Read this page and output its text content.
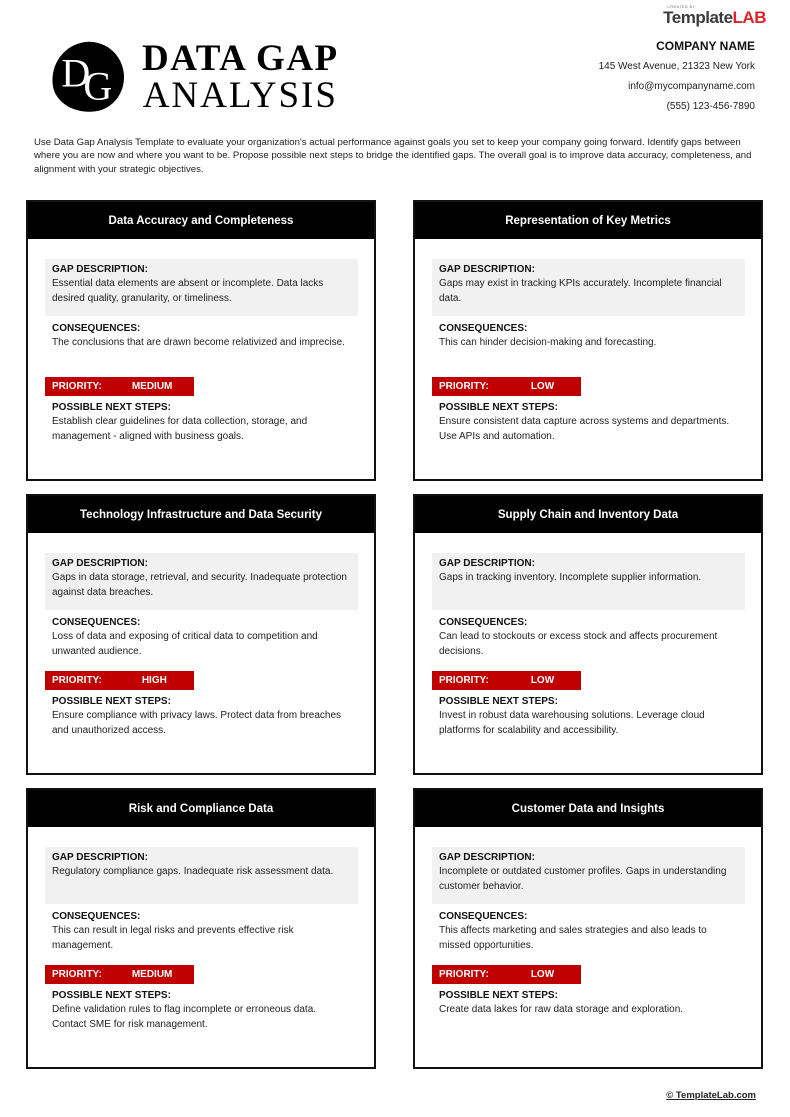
D
G
DATA GAP
ANALYSIS
CREATED BY
TemplateLAB
COMPANY NAME
145 West Avenue, 21323 New York
info@mycompanyname.com
(555) 123-456-7890
Use Data Gap Analysis Template to evaluate your organization's actual performance against goals you set to keep your company going forward. Identify gaps between where you are now and where you want to be. Propose possible next steps to bridge the identified gaps. The overall goal is to improve data accuracy, completeness, and alignment with your strategic objectives.
Data Accuracy and Completeness
GAP DESCRIPTION:
Essential data elements are absent or incomplete. Data lacks desired quality, granularity, or timeliness.
CONSEQUENCES:
The conclusions that are drawn become relativized and imprecise.
PRIORITY:	MEDIUM
POSSIBLE NEXT STEPS:
Establish clear guidelines for data collection, storage, and management - aligned with business goals.
Representation of Key Metrics
GAP DESCRIPTION:
Gaps may exist in tracking KPIs accurately. Incomplete financial data.
CONSEQUENCES:
This can hinder decision-making and forecasting.
PRIORITY:	LOW
POSSIBLE NEXT STEPS:
Ensure consistent data capture across systems and departments. Use APIs and automation.
Technology Infrastructure and Data Security
GAP DESCRIPTION:
Gaps in data storage, retrieval, and security. Inadequate protection against data breaches.
CONSEQUENCES:
Loss of data and exposing of critical data to competition and unwanted audience.
PRIORITY:	HIGH
POSSIBLE NEXT STEPS:
Ensure compliance with privacy laws. Protect data from breaches and unauthorized access.
Supply Chain and Inventory Data
GAP DESCRIPTION:
Gaps in tracking inventory. Incomplete supplier information.
CONSEQUENCES:
Can lead to stockouts or excess stock and affects procurement decisions.
PRIORITY:	LOW
POSSIBLE NEXT STEPS:
Invest in robust data warehousing solutions. Leverage cloud platforms for scalability and accessibility.
Risk and Compliance Data
GAP DESCRIPTION:
Regulatory compliance gaps. Inadequate risk assessment data.
CONSEQUENCES:
This can result in legal risks and prevents effective risk management.
PRIORITY:	MEDIUM
POSSIBLE NEXT STEPS:
Define validation rules to flag incomplete or erroneous data. Contact SME for risk management.
Customer Data and Insights
GAP DESCRIPTION:
Incomplete or outdated customer profiles. Gaps in understanding customer behavior.
CONSEQUENCES:
This affects marketing and sales strategies and also leads to missed opportunities.
PRIORITY:	LOW
POSSIBLE NEXT STEPS:
Create data lakes for raw data storage and exploration.
© TemplateLab.com
